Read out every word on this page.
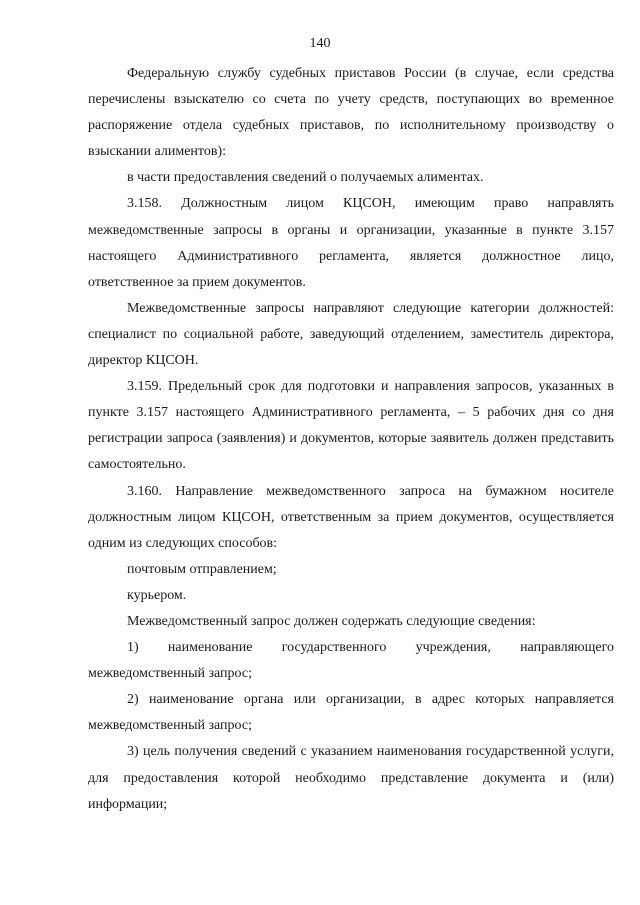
140

Федеральную службу судебных приставов России (в случае, если средства перечислены взыскателю со счета по учету средств, поступающих во временное распоряжение отдела судебных приставов, по исполнительному производству о взыскании алиментов):

в части предоставления сведений о получаемых алиментах.

3.158. Должностным лицом КЦСОН, имеющим право направлять межведомственные запросы в органы и организации, указанные в пункте 3.157 настоящего Административного регламента, является должностное лицо, ответственное за прием документов.

Межведомственные запросы направляют следующие категории должностей: специалист по социальной работе, заведующий отделением, заместитель директора, директор КЦСОН.

3.159. Предельный срок для подготовки и направления запросов, указанных в пункте 3.157 настоящего Административного регламента, – 5 рабочих дня со дня регистрации запроса (заявления) и документов, которые заявитель должен представить самостоятельно.

3.160. Направление межведомственного запроса на бумажном носителе должностным лицом КЦСОН, ответственным за прием документов, осуществляется одним из следующих способов:

почтовым отправлением;

курьером.

Межведомственный запрос должен содержать следующие сведения:

1) наименование государственного учреждения, направляющего межведомственный запрос;

2) наименование органа или организации, в адрес которых направляется межведомственный запрос;

3) цель получения сведений с указанием наименования государственной услуги, для предоставления которой необходимо представление документа и (или) информации;
